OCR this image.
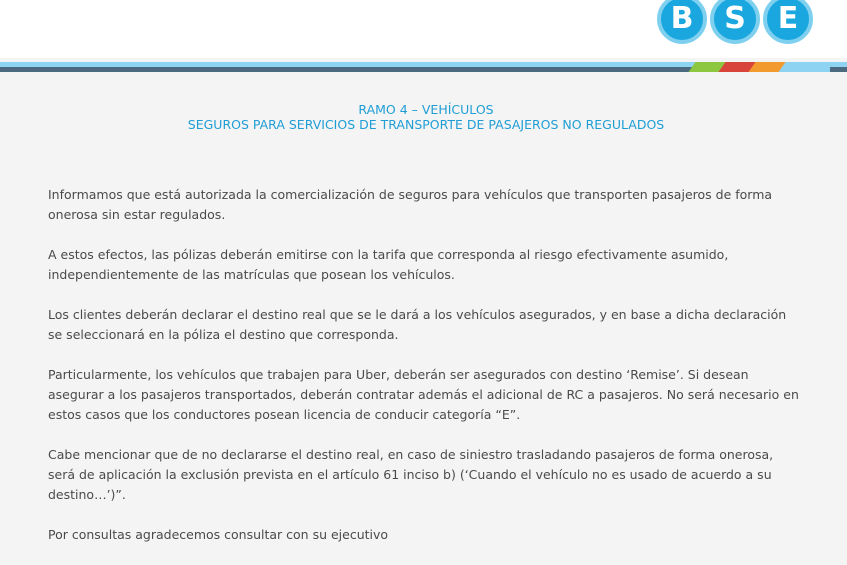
B	S	E

RAMO 4 – VEHÍCULOS

SEGUROS PARA SERVICIOS DE TRANSPORTE DE PASAJEROS NO REGULADOS

Informamos que está autorizada la comercialización de seguros para vehículos que transporten pasajeros de forma onerosa sin estar regulados.

A estos efectos, las pólizas deberán emitirse con la tarifa que corresponda al riesgo efectivamente asumido, independientemente de las matrículas que posean los vehículos.

Los clientes deberán declarar el destino real que se le dará a los vehículos asegurados, y en base a dicha declaración se seleccionará en la póliza el destino que corresponda.

Particularmente, los vehículos que trabajen para Uber, deberán ser asegurados con destino ‘Remise’. Si desean asegurar a los pasajeros transportados, deberán contratar además el adicional de RC a pasajeros. No será necesario en estos casos que los conductores posean licencia de conducir categoría “E”.

Cabe mencionar que de no declararse el destino real, en caso de siniestro trasladando pasajeros de forma onerosa, será de aplicación la exclusión prevista en el artículo 61 inciso b) (‘Cuando el vehículo no es usado de acuerdo a su destino…’)”.

Por consultas agradecemos consultar con su ejecutivo
